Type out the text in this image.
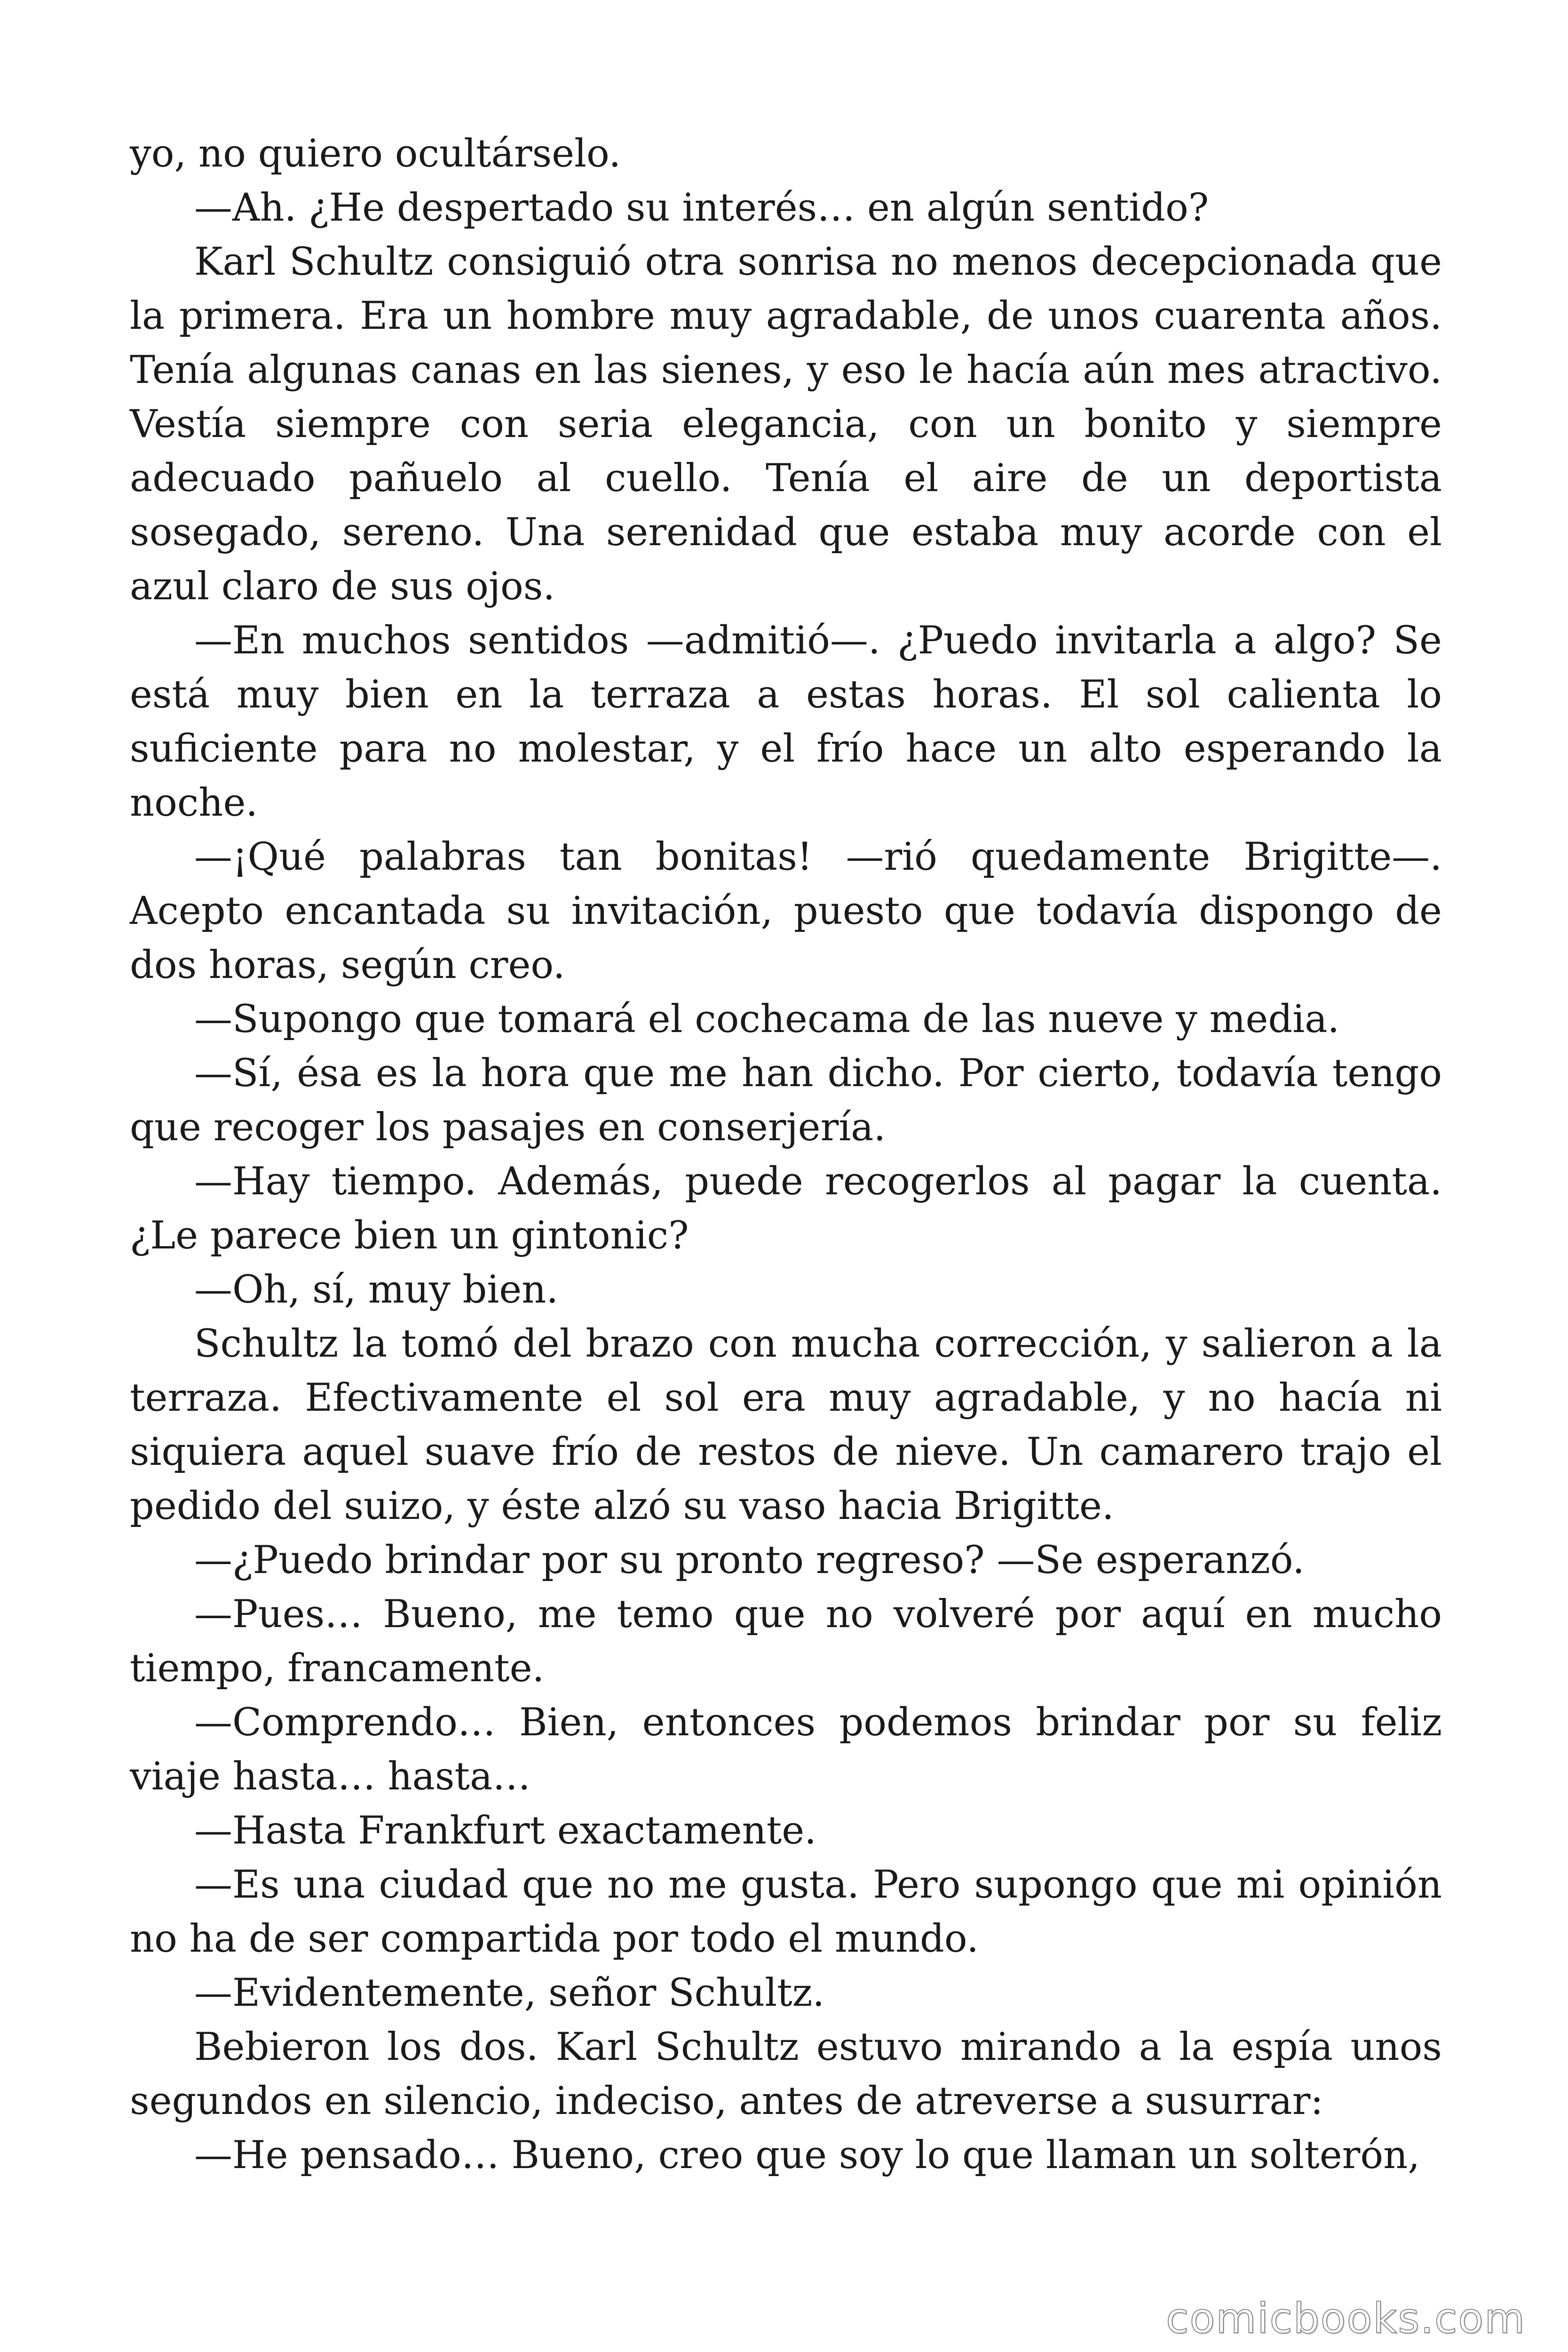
yo, no quiero ocultárselo.

—Ah. ¿He despertado su interés… en algún sentido?

Karl Schultz consiguió otra sonrisa no menos decepcionada que la primera. Era un hombre muy agradable, de unos cuarenta años. Tenía algunas canas en las sienes, y eso le hacía aún mes atractivo. Vestía siempre con seria elegancia, con un bonito y siempre adecuado pañuelo al cuello. Tenía el aire de un deportista sosegado, sereno. Una serenidad que estaba muy acorde con el azul claro de sus ojos.

—En muchos sentidos —admitió—. ¿Puedo invitarla a algo? Se está muy bien en la terraza a estas horas. El sol calienta lo suficiente para no molestar, y el frío hace un alto esperando la noche.

—¡Qué palabras tan bonitas! —rió quedamente Brigitte—. Acepto encantada su invitación, puesto que todavía dispongo de dos horas, según creo.

—Supongo que tomará el cochecama de las nueve y media.

—Sí, ésa es la hora que me han dicho. Por cierto, todavía tengo que recoger los pasajes en conserjería.

—Hay tiempo. Además, puede recogerlos al pagar la cuenta. ¿Le parece bien un gintonic?

—Oh, sí, muy bien.

Schultz la tomó del brazo con mucha corrección, y salieron a la terraza. Efectivamente el sol era muy agradable, y no hacía ni siquiera aquel suave frío de restos de nieve. Un camarero trajo el pedido del suizo, y éste alzó su vaso hacia Brigitte.

—¿Puedo brindar por su pronto regreso? —Se esperanzó.

—Pues… Bueno, me temo que no volveré por aquí en mucho tiempo, francamente.

—Comprendo… Bien, entonces podemos brindar por su feliz viaje hasta… hasta…

—Hasta Frankfurt exactamente.

—Es una ciudad que no me gusta. Pero supongo que mi opinión no ha de ser compartida por todo el mundo.

—Evidentemente, señor Schultz.

Bebieron los dos. Karl Schultz estuvo mirando a la espía unos segundos en silencio, indeciso, antes de atreverse a susurrar:

—He pensado… Bueno, creo que soy lo que llaman un solterón,

comicbooks.com
